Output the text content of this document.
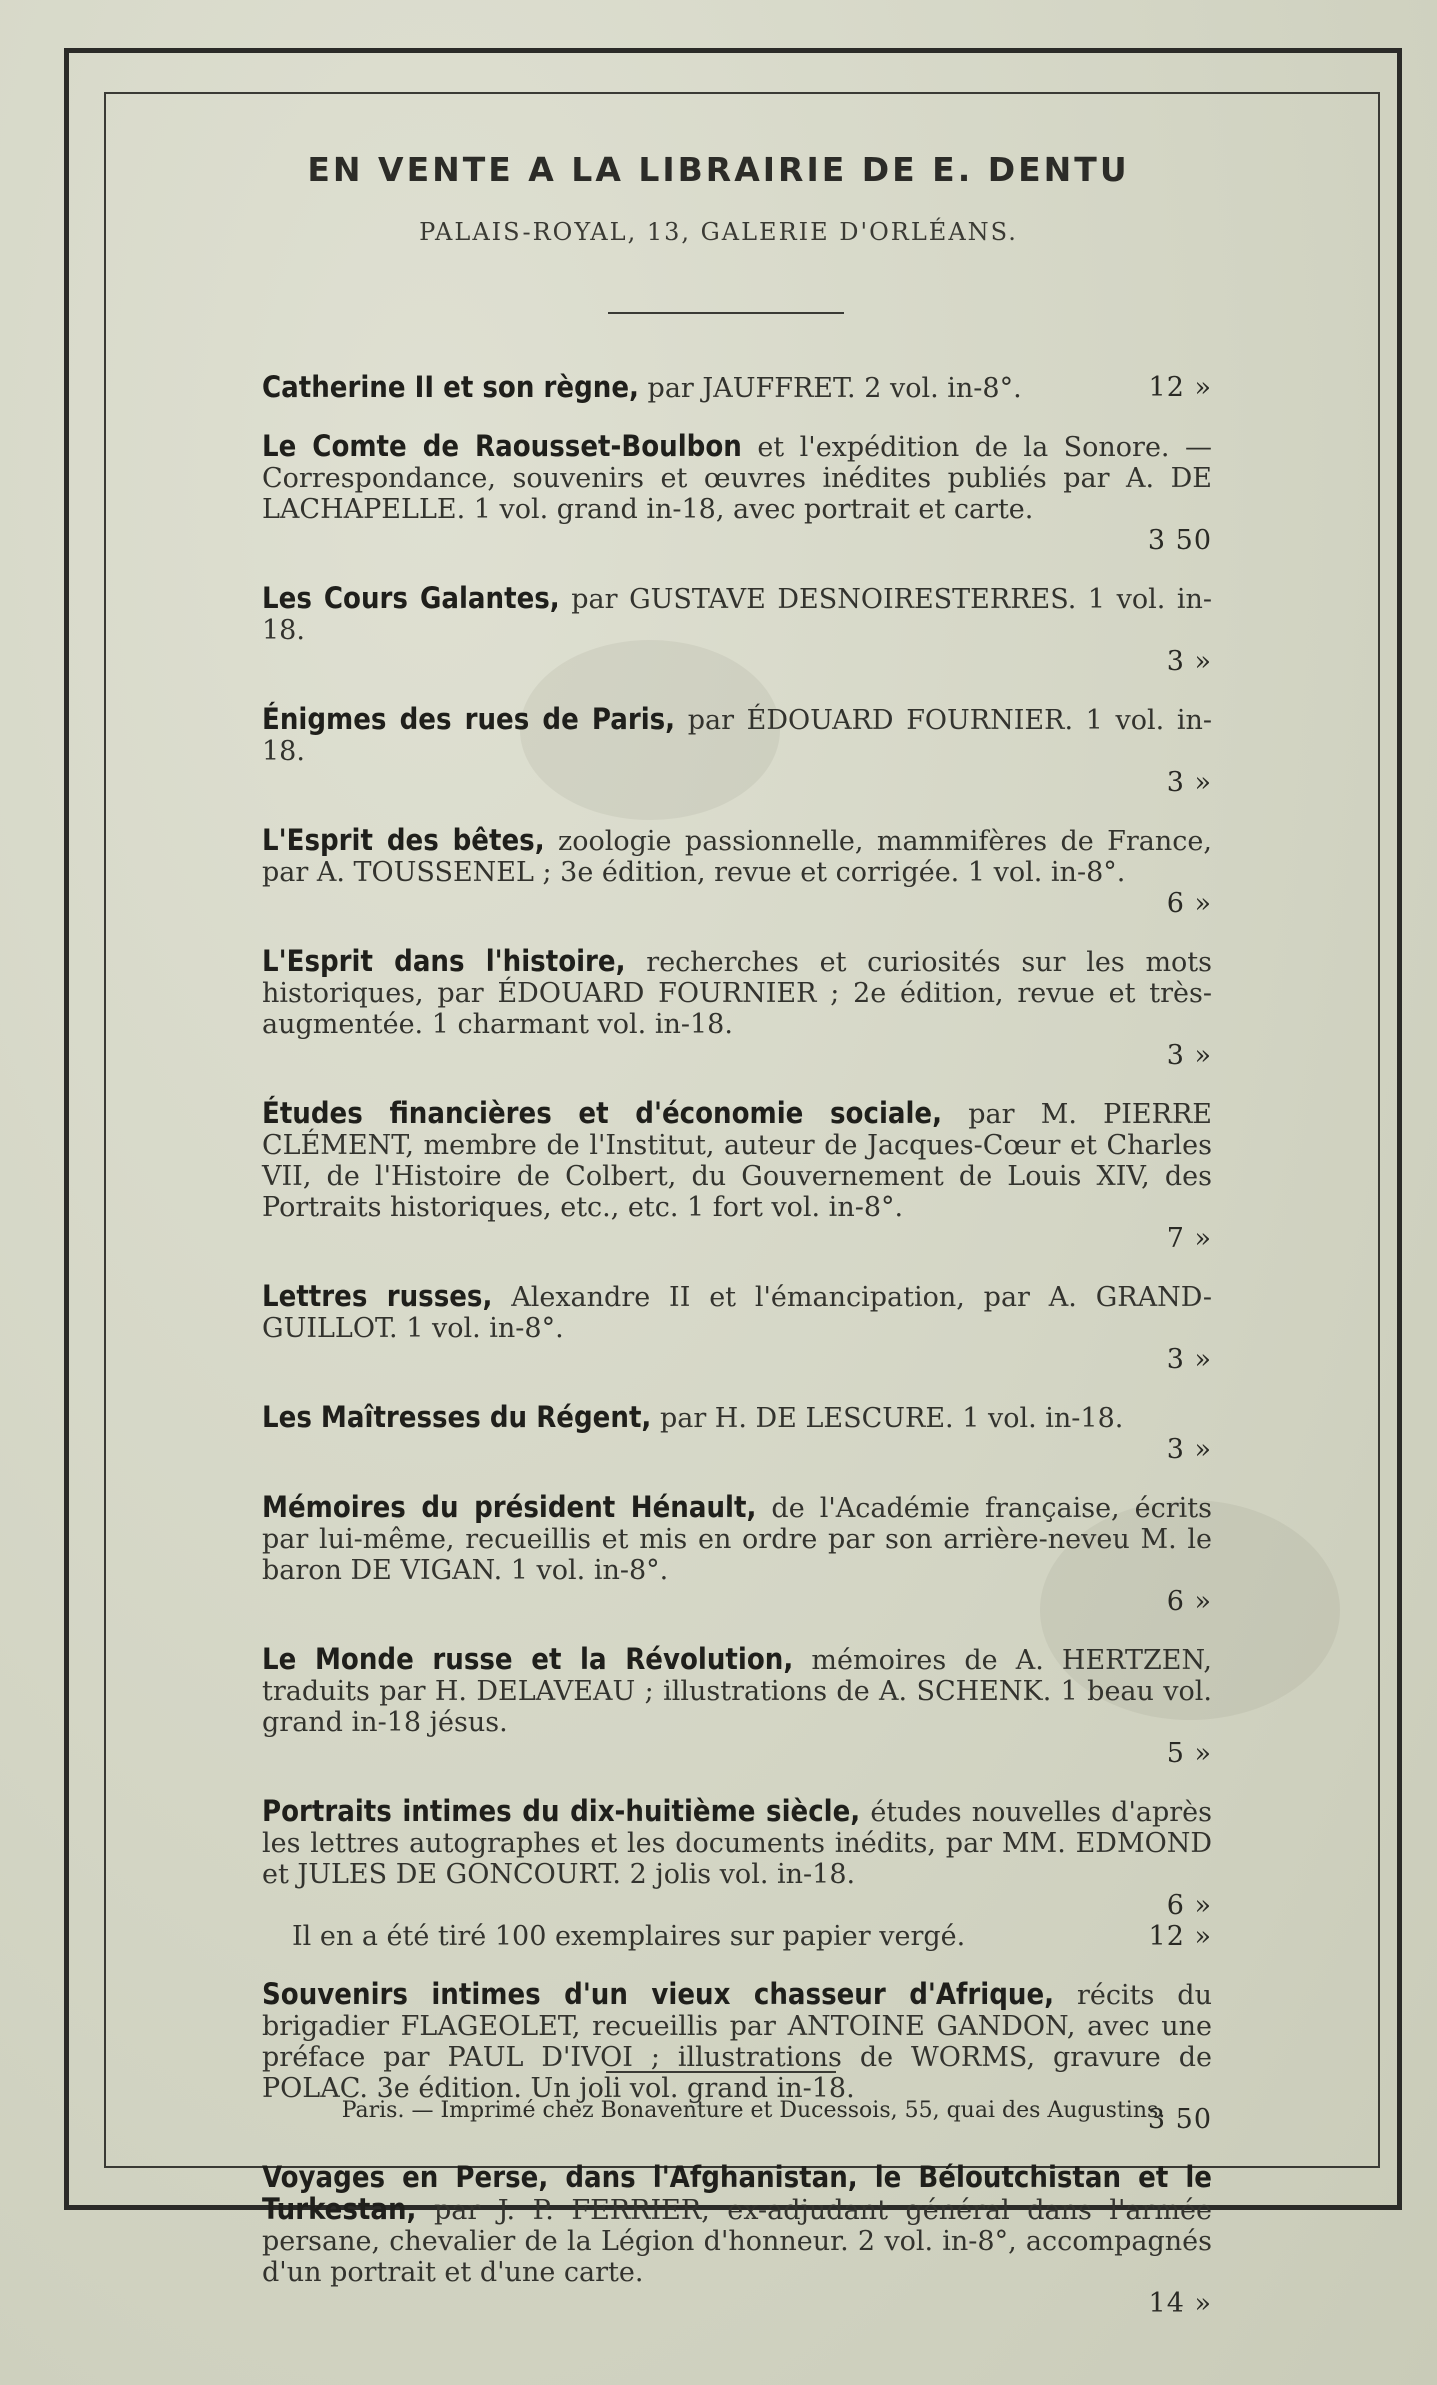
EN VENTE A LA LIBRAIRIE DE E. DENTU
PALAIS-ROYAL, 13, GALERIE D'ORLÉANS.
Catherine II et son règne, par JAUFFRET. 2 vol. in-8°.	12 »
Le Comte de Raousset-Boulbon et l'expédition de la Sonore. — Correspondance, souvenirs et œuvres inédites publiés par A. DE LACHAPELLE. 1 vol. grand in-18, avec portrait et carte.
3 50
Les Cours Galantes, par GUSTAVE DESNOIRESTERRES. 1 vol. in-18.
3 »
Énigmes des rues de Paris, par ÉDOUARD FOURNIER. 1 vol. in-18.
3 »
L'Esprit des bêtes, zoologie passionnelle, mammifères de France, par A. TOUSSENEL ; 3e édition, revue et corrigée. 1 vol. in-8°.
6 »
L'Esprit dans l'histoire, recherches et curiosités sur les mots historiques, par ÉDOUARD FOURNIER ; 2e édition, revue et très-augmentée. 1 charmant vol. in-18.
3 »
Études financières et d'économie sociale, par M. PIERRE CLÉMENT, membre de l'Institut, auteur de Jacques-Cœur et Charles VII, de l'Histoire de Colbert, du Gouvernement de Louis XIV, des Portraits historiques, etc., etc. 1 fort vol. in-8°.
7 »
Lettres russes, Alexandre II et l'émancipation, par A. GRAND-GUILLOT. 1 vol. in-8°.
3 »
Les Maîtresses du Régent, par H. DE LESCURE. 1 vol. in-18.
3 »
Mémoires du président Hénault, de l'Académie française, écrits par lui-même, recueillis et mis en ordre par son arrière-neveu M. le baron DE VIGAN. 1 vol. in-8°.
6 »
Le Monde russe et la Révolution, mémoires de A. HERTZEN, traduits par H. DELAVEAU ; illustrations de A. SCHENK. 1 beau vol. grand in-18 jésus.
5 »
Portraits intimes du dix-huitième siècle, études nouvelles d'après les lettres autographes et les documents inédits, par MM. EDMOND et JULES DE GONCOURT. 2 jolis vol. in-18.
6 »
Il en a été tiré 100 exemplaires sur papier vergé.	12 »
Souvenirs intimes d'un vieux chasseur d'Afrique, récits du brigadier FLAGEOLET, recueillis par ANTOINE GANDON, avec une préface par PAUL D'IVOI ; illustrations de WORMS, gravure de POLAC. 3e édition. Un joli vol. grand in-18.
3 50
Voyages en Perse, dans l'Afghanistan, le Béloutchistan et le Turkestan, par J. P. FERRIER, ex-adjudant général dans l'armée persane, chevalier de la Légion d'honneur. 2 vol. in-8°, accompagnés d'un portrait et d'une carte.
14 »
Paris. — Imprimé chez Bonaventure et Ducessois, 55, quai des Augustins.
